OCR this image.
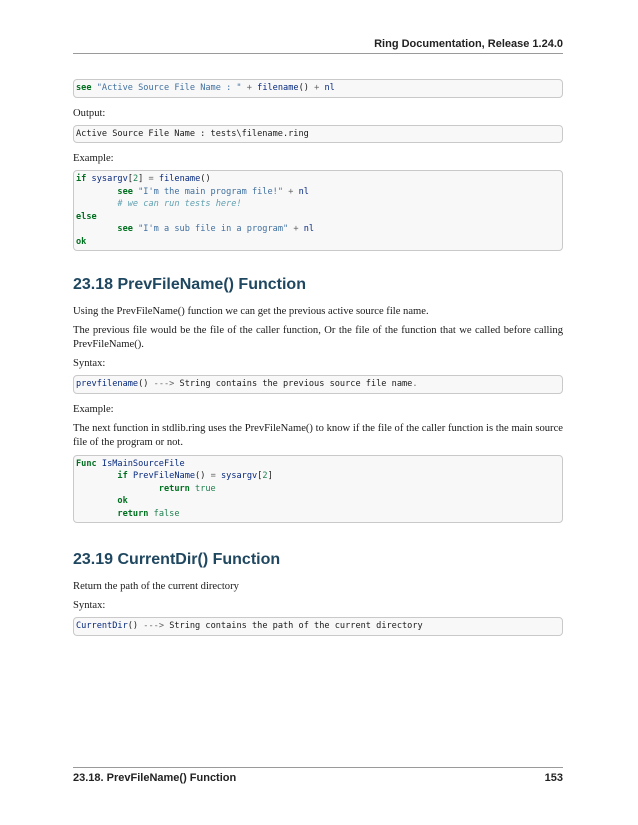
Ring Documentation, Release 1.24.0
see "Active Source File Name : " + filename() + nl
Output:
Active Source File Name : tests\filename.ring
Example:
if sysargv[2] = filename()
see "I'm the main program file!" + nl
# we can run tests here!
else
see "I'm a sub file in a program" + nl
ok
23.18 PrevFileName() Function

Using the PrevFileName() function we can get the previous active source file name.

The previous file would be the file of the caller function, Or the file of the function that we called before calling PrevFileName().

Syntax:
prevfilename() ---> String contains the previous source file name.
Example:

The next function in stdlib.ring uses the PrevFileName() to know if the file of the caller function is the main source file of the program or not.

Func IsMainSourceFile
if PrevFileName() = sysargv[2]
return true
ok
return false
23.19 CurrentDir() Function

Return the path of the current directory

Syntax:
CurrentDir() ---> String contains the path of the current directory
23.18. PrevFileName() Function	153
